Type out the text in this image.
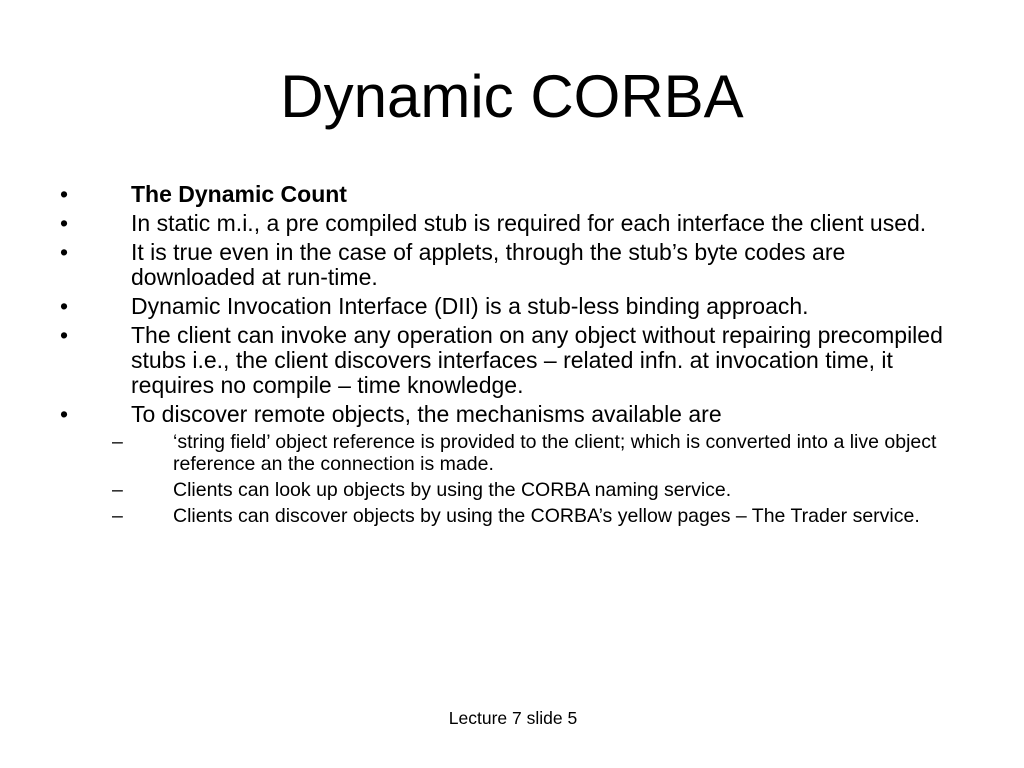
Dynamic CORBA
•	The Dynamic Count
•	In static m.i., a pre compiled stub is required for each interface the client used.
•	It is true even in the case of applets, through the stub’s byte codes are downloaded at run-time.
•	Dynamic Invocation Interface (DII) is a stub-less binding approach.
•	The client can invoke any operation on any object without repairing precompiled stubs i.e., the client discovers interfaces – related infn. at invocation time, it requires no compile – time knowledge.
•	To discover remote objects, the mechanisms available are
–	‘string field’ object reference is provided to the client; which is converted into a live object reference an the connection is made.
–	Clients can look up objects by using the CORBA naming service.
–	Clients can discover objects by using the CORBA’s yellow pages – The Trader service.
Lecture 7 slide 5
